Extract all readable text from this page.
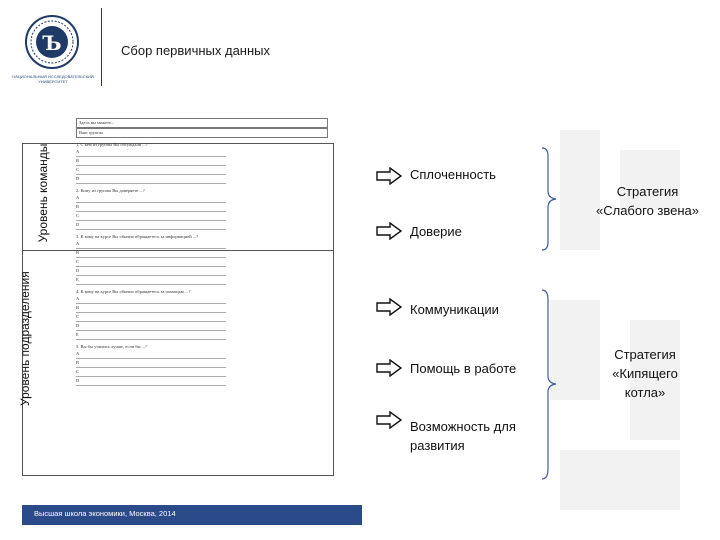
Ъ
НАЦИОНАЛЬНЫЙ ИССЛЕДОВАТЕЛЬСКИЙ УНИВЕРСИТЕТ
Сбор первичных данных
Уровень команды
Уровень подразделения
Здесь вы можете...
Ваш группы
1. С кем из группы Вы обсуждали ...?
A
B
C
D
2. Кому из группы Вы доверяете ...?
A
B
C
D
3. К кому на курсе Вы обычно обращаетесь за информацией ...?
A
B
C
D
E
4. К кому на курсе Вы обычно обращаетесь за помощью ...?
A
B
C
D
E
5. Вы бы учились лучше, если бы ...?
A
B
C
D
Сплоченность
Доверие
Коммуникации
Помощь в работе
Возможность для
развития
Стратегия
«Слабого звена»
Стратегия
«Кипящего
котла»
Высшая школа экономики, Москва, 2014
